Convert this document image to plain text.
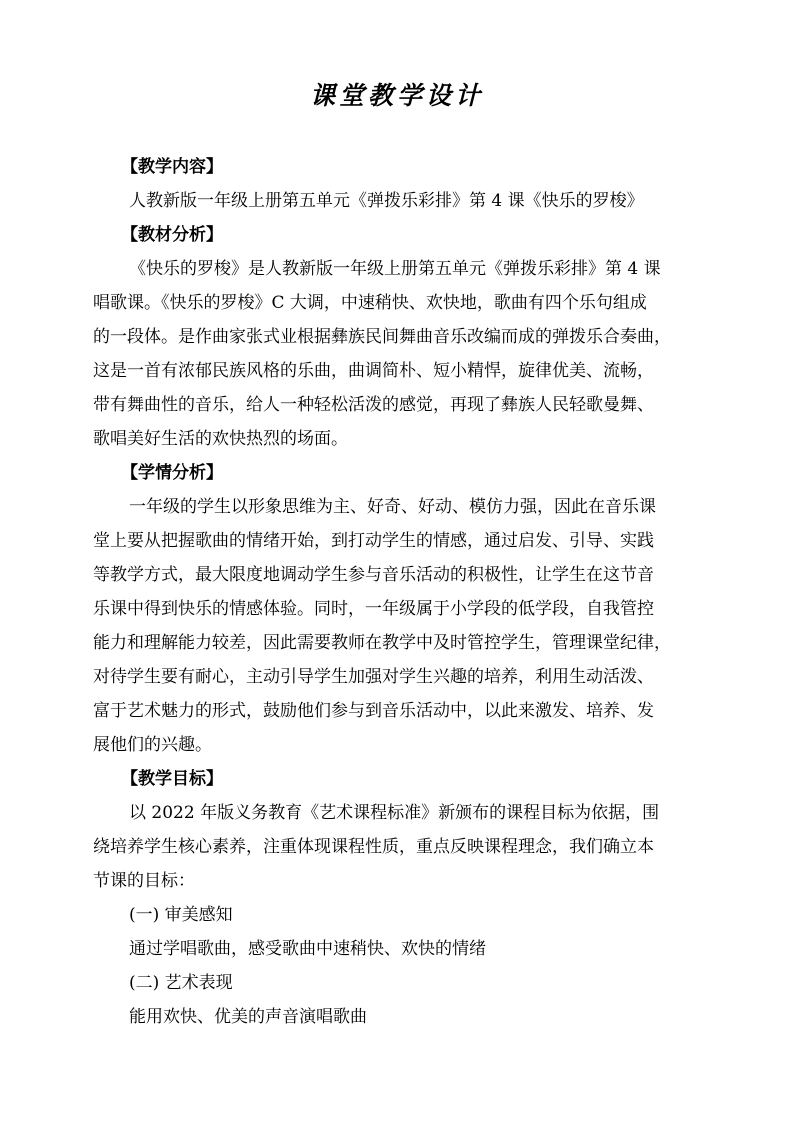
课堂教学设计
【教学内容】
人教新版一年级上册第五单元《弹拨乐彩排》第 4 课《快乐的罗梭》
【教材分析】

《快乐的罗梭》是人教新版一年级上册第五单元《弹拨乐彩排》第 4 课

唱歌课。《快乐的罗梭》C 大调，中速稍快、欢快地，歌曲有四个乐句组成

的一段体。是作曲家张式业根据彝族民间舞曲音乐改编而成的弹拨乐合奏曲，

这是一首有浓郁民族风格的乐曲，曲调简朴、短小精悍，旋律优美、流畅，

带有舞曲性的音乐，给人一种轻松活泼的感觉，再现了彝族人民轻歌曼舞、

歌唱美好生活的欢快热烈的场面。

【学情分析】

一年级的学生以形象思维为主、好奇、好动、模仿力强，因此在音乐课

堂上要从把握歌曲的情绪开始，到打动学生的情感，通过启发、引导、实践

等教学方式，最大限度地调动学生参与音乐活动的积极性，让学生在这节音

乐课中得到快乐的情感体验。同时，一年级属于小学段的低学段，自我管控

能力和理解能力较差，因此需要教师在教学中及时管控学生，管理课堂纪律，

对待学生要有耐心，主动引导学生加强对学生兴趣的培养，利用生动活泼、

富于艺术魅力的形式，鼓励他们参与到音乐活动中，以此来激发、培养、发

展他们的兴趣。

【教学目标】

以 2022 年版义务教育《艺术课程标准》新颁布的课程目标为依据，围

绕培养学生核心素养，注重体现课程性质，重点反映课程理念，我们确立本

节课的目标：

(一) 审美感知
通过学唱歌曲，感受歌曲中速稍快、欢快的情绪
(二) 艺术表现
能用欢快、优美的声音演唱歌曲
